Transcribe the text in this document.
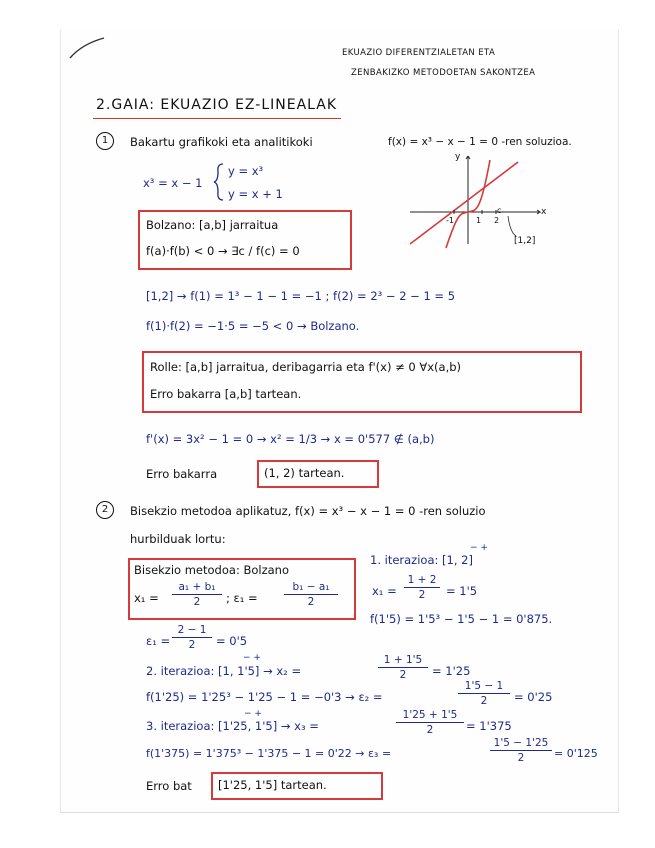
EKUAZIO DIFERENTZIALETAN ETA
ZENBAKIZKO METODOETAN SAKONTZEA
2.GAIA: EKUAZIO EZ-LINEALAK
1	Bakartu grafikoki eta analitikoki	f(x) = x³ − x − 1 = 0 -ren soluzioa.
x³ = x − 1
y = x³
y = x + 1
y
x
-1	1 2
c
[1,2]
Bolzano: [a,b] jarraitua
f(a)·f(b) < 0 → ∃c / f(c) = 0
[1,2] → f(1) = 1³ − 1 − 1 = −1 ; f(2) = 2³ − 2 − 1 = 5
f(1)·f(2) = −1·5 = −5 < 0 → Bolzano.
Rolle: [a,b] jarraitua, deribagarria eta f'(x) ≠ 0 ∀x(a,b)
Erro bakarra [a,b] tartean.
f'(x) = 3x² − 1 = 0 → x² = 1/3 → x = 0'577 ∉ (a,b)
Erro bakarra	(1, 2) tartean.
2	Bisekzio metodoa aplikatuz, f(x) = x³ − x − 1 = 0 -ren soluzio
hurbilduak lortu:
Bisekzio metodoa: Bolzano
x₁ =
a₁ + b₁
2	; ε₁ =
b₁ − a₁
2
− +
1. iterazioa: [1, 2]
x₁ =
1 + 2
2	= 1'5
f(1'5) = 1'5³ − 1'5 − 1 = 0'875.
ε₁ =
2 − 1
2	= 0'5
− +
2. iterazioa: [1, 1'5] → x₂ =
1 + 1'5
2	= 1'25
f(1'25) = 1'25³ − 1'25 − 1 = −0'3 → ε₂ =
1'5 − 1
2	= 0'25
− +
3. iterazioa: [1'25, 1'5] → x₃ =
1'25 + 1'5
2	= 1'375
f(1'375) = 1'375³ − 1'375 − 1 = 0'22 → ε₃ =
1'5 − 1'25
2	= 0'125
Erro bat [1'25, 1'5] tartean.
